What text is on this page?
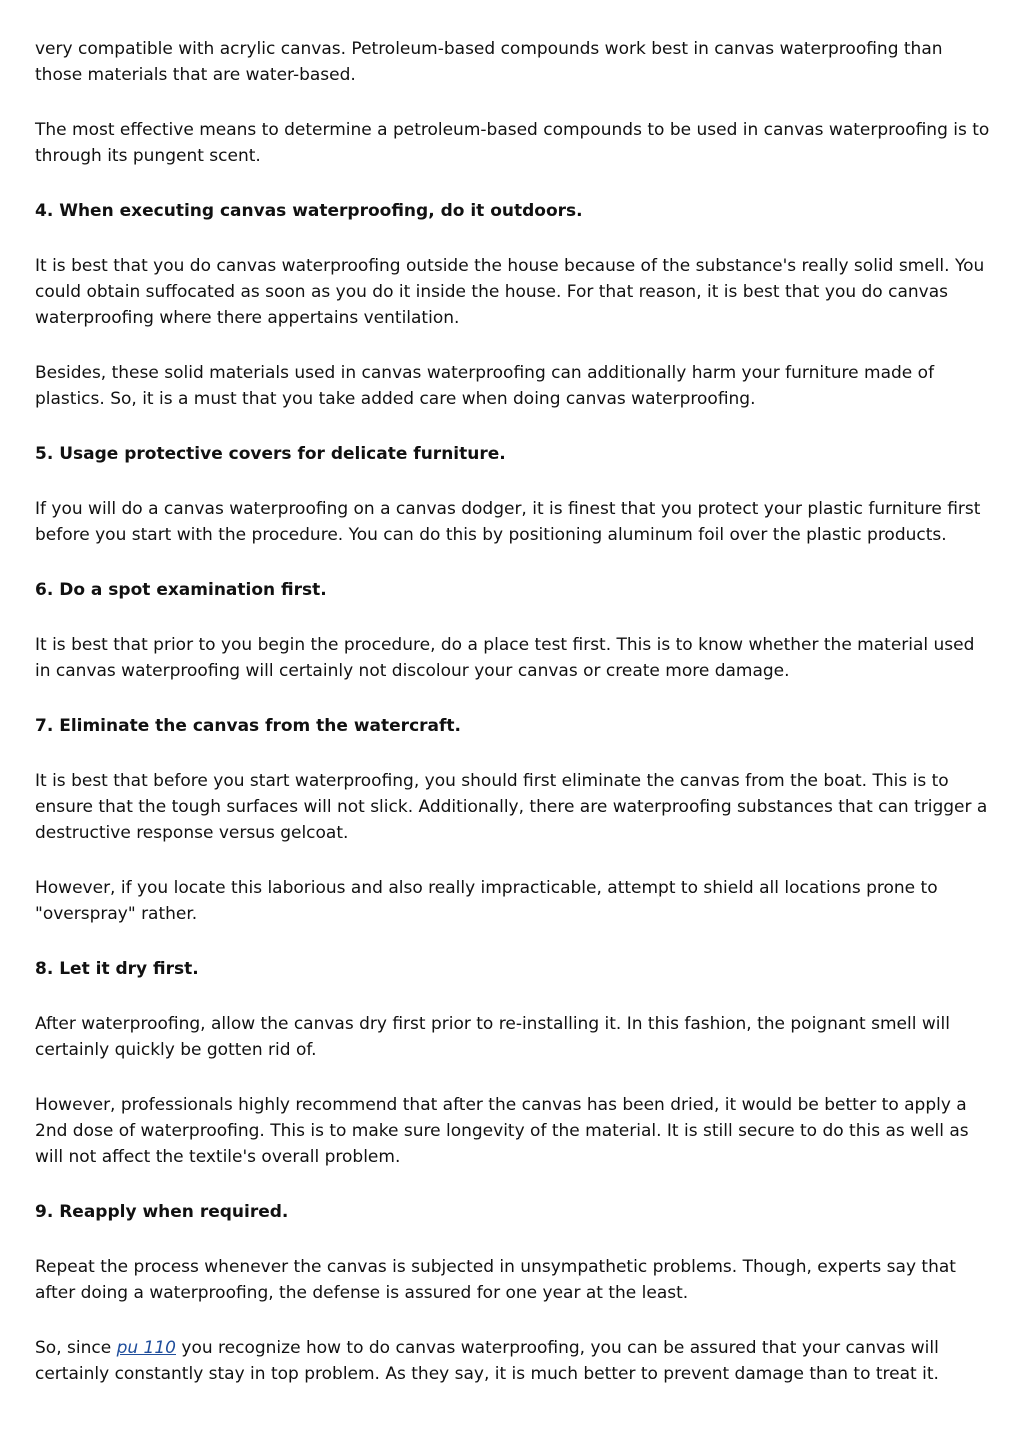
very compatible with acrylic canvas. Petroleum-based compounds work best in canvas waterproofing than those materials that are water-based.

The most effective means to determine a petroleum-based compounds to be used in canvas waterproofing is to through its pungent scent.

4. When executing canvas waterproofing, do it outdoors.

It is best that you do canvas waterproofing outside the house because of the substance's really solid smell. You could obtain suffocated as soon as you do it inside the house. For that reason, it is best that you do canvas waterproofing where there appertains ventilation.

Besides, these solid materials used in canvas waterproofing can additionally harm your furniture made of plastics. So, it is a must that you take added care when doing canvas waterproofing.

5. Usage protective covers for delicate furniture.

If you will do a canvas waterproofing on a canvas dodger, it is finest that you protect your plastic furniture first before you start with the procedure. You can do this by positioning aluminum foil over the plastic products.

6. Do a spot examination first.

It is best that prior to you begin the procedure, do a place test first. This is to know whether the material used in canvas waterproofing will certainly not discolour your canvas or create more damage.

7. Eliminate the canvas from the watercraft.

It is best that before you start waterproofing, you should first eliminate the canvas from the boat. This is to ensure that the tough surfaces will not slick. Additionally, there are waterproofing substances that can trigger a destructive response versus gelcoat.

However, if you locate this laborious and also really impracticable, attempt to shield all locations prone to "overspray" rather.

8. Let it dry first.

After waterproofing, allow the canvas dry first prior to re-installing it. In this fashion, the poignant smell will certainly quickly be gotten rid of.

However, professionals highly recommend that after the canvas has been dried, it would be better to apply a 2nd dose of waterproofing. This is to make sure longevity of the material. It is still secure to do this as well as will not affect the textile's overall problem.

9. Reapply when required.

Repeat the process whenever the canvas is subjected in unsympathetic problems. Though, experts say that after doing a waterproofing, the defense is assured for one year at the least.

So, since pu 110 you recognize how to do canvas waterproofing, you can be assured that your canvas will certainly constantly stay in top problem. As they say, it is much better to prevent damage than to treat it.
